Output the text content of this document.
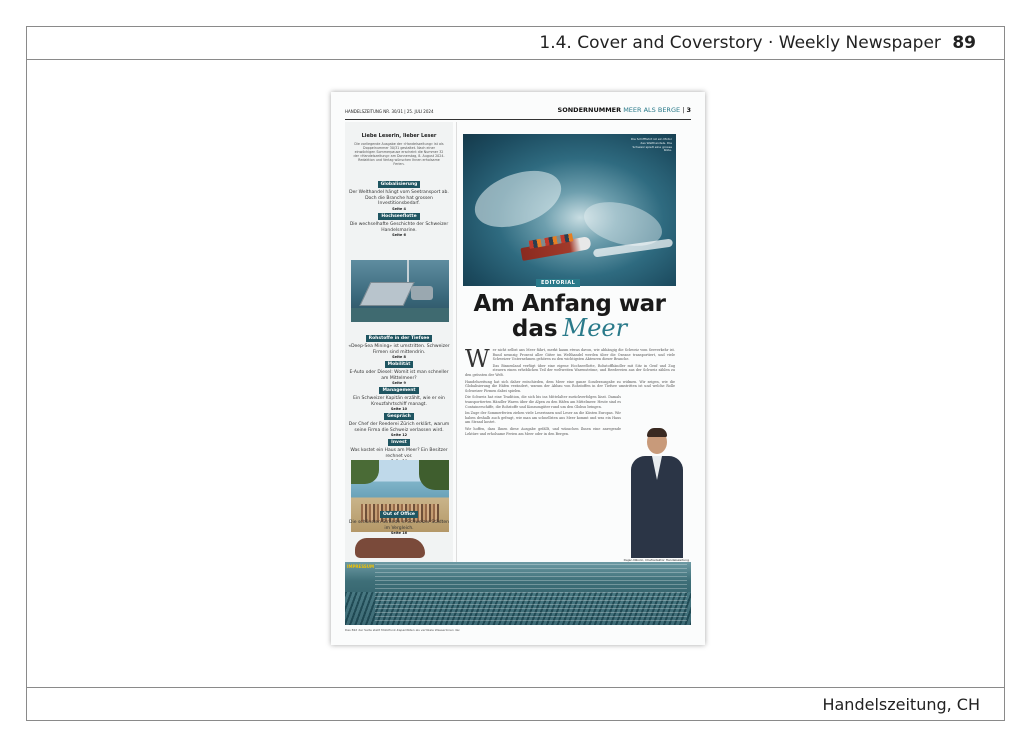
1.4. Cover and Coverstory · Weekly Newspaper 89
Handelszeitung, CH
HANDELSZEITUNG NR. 30/31 | 25. JULI 2024	SONDERNUMMER MEER ALS BERGE | 3
Liebe Leserin, lieber Leser
Die vorliegende Ausgabe der «Handelszeitung» ist als Doppelnummer 30/31 gestaltet. Nach einer einwöchigen Sommerpause erscheint die Nummer 32 der «Handelszeitung» am Donnerstag, 8. August 2024. Redaktion und Verlag wünschen Ihnen erholsame Ferien.
Globalisierung
Der Welthandel hängt vom Seetransport ab. Doch die Branche hat grossen Investitionsbedarf.
Seite 4
Hochseeflotte
Die wechselhafte Geschichte der Schweizer Handelsmarine.
Seite 6
Rohstoffe in der Tiefsee
«Deep-Sea Mining» ist umstritten. Schweizer Firmen sind mittendrin.
Seite 8
Mobilität
E-Auto oder Diesel: Womit ist man schneller am Mittelmeer?
Seite 9
Management
Ein Schweizer Kapitän erzählt, wie er ein Kreuzfahrtschiff managt.
Seite 10
Gespräch
Der Chef der Reederei Zürich erklärt, warum seine Firma die Schweiz verlassen wird.
Seite 12
Invest
Was kostet ein Haus am Meer? Ein Besitzer rechnet vor.
Out of Office
Die schönsten Strände in Schweizer Städten im Vergleich.
Seite 16
Die Schifffahrt ist ein Motor des Welthandels. Die Schweiz spielt eine grosse Rolle.
EDITORIAL
Am Anfang war
das Meer
W er nicht selbst ans Meer fährt, merkt kaum etwas davon, wie abhängig die Schweiz vom Seeverkehr ist. Rund neunzig Prozent aller Güter im Welthandel werden über die Ozeane transportiert, und viele Schweizer Unternehmen gehören zu den wichtigsten Akteuren dieser Branche.

Das Binnenland verfügt über eine eigene Hochseeflotte, Rohstoffhändler mit Sitz in Genf und Zug steuern einen erheblichen Teil der weltweiten Warenströme, und Reedereien aus der Schweiz zählen zu den grössten der Welt.

Handelszeitung hat sich daher entschieden, dem Meer eine ganze Sonderausgabe zu widmen. Wir zeigen, wie die Globalisierung die Häfen verändert, warum der Abbau von Rohstoffen in der Tiefsee umstritten ist und welche Rolle Schweizer Firmen dabei spielen.

Die Schweiz hat eine Tradition, die sich bis ins Mittelalter zurückverfolgen lässt. Damals transportierten Händler Waren über die Alpen zu den Häfen am Mittelmeer. Heute sind es Containerschiffe, die Rohstoffe und Konsumgüter rund um den Globus bringen.

Im Zuge der Sommerferien ziehen viele Leserinnen und Leser an die Küsten Europas. Wir haben deshalb auch gefragt, wie man am schnellsten ans Meer kommt und was ein Haus am Strand kostet.

Wir hoffen, dass Ihnen diese Ausgabe gefällt, und wünschen Ihnen eine anregende Lektüre und erholsame Ferien am Meer oder in den Bergen.

Dejan Nikolic, Chefredaktor Handelszeitung
IMPRESSUM
Das Bild der Seite stellt Mobilfunk-Kapazitäten als vertikale Wasserlinien dar.
